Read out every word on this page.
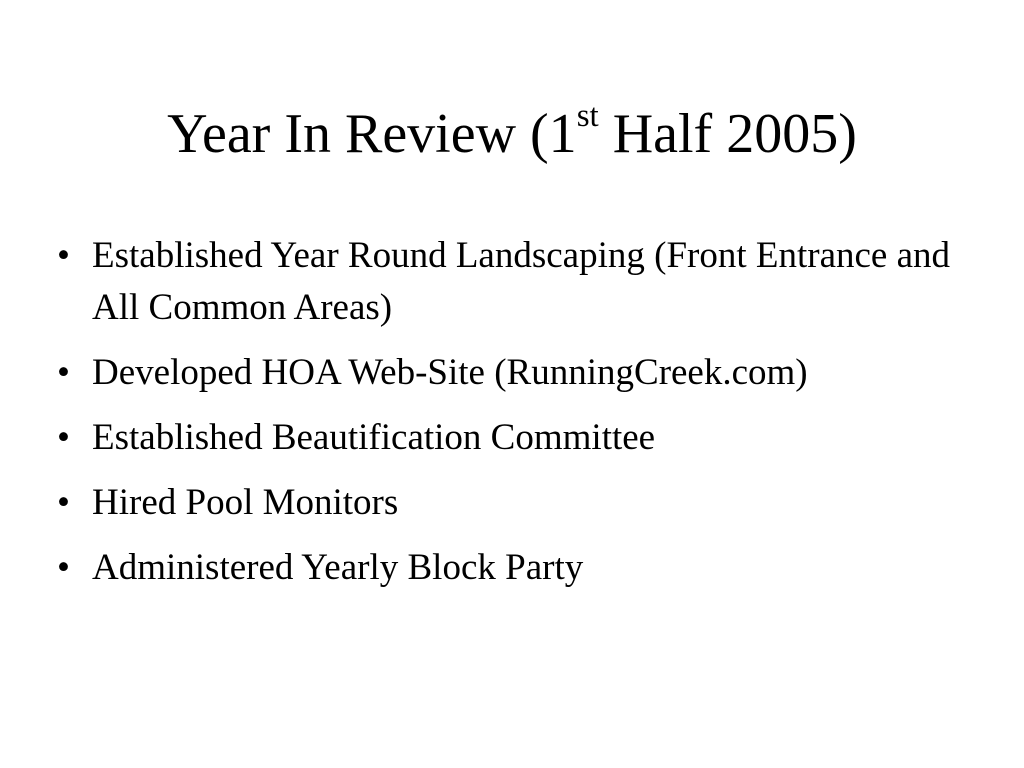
Year In Review (1st Half 2005)
• Established Year Round Landscaping (Front Entrance and All Common Areas)
• Developed HOA Web-Site (RunningCreek.com)
• Established Beautification Committee
• Hired Pool Monitors
• Administered Yearly Block Party
